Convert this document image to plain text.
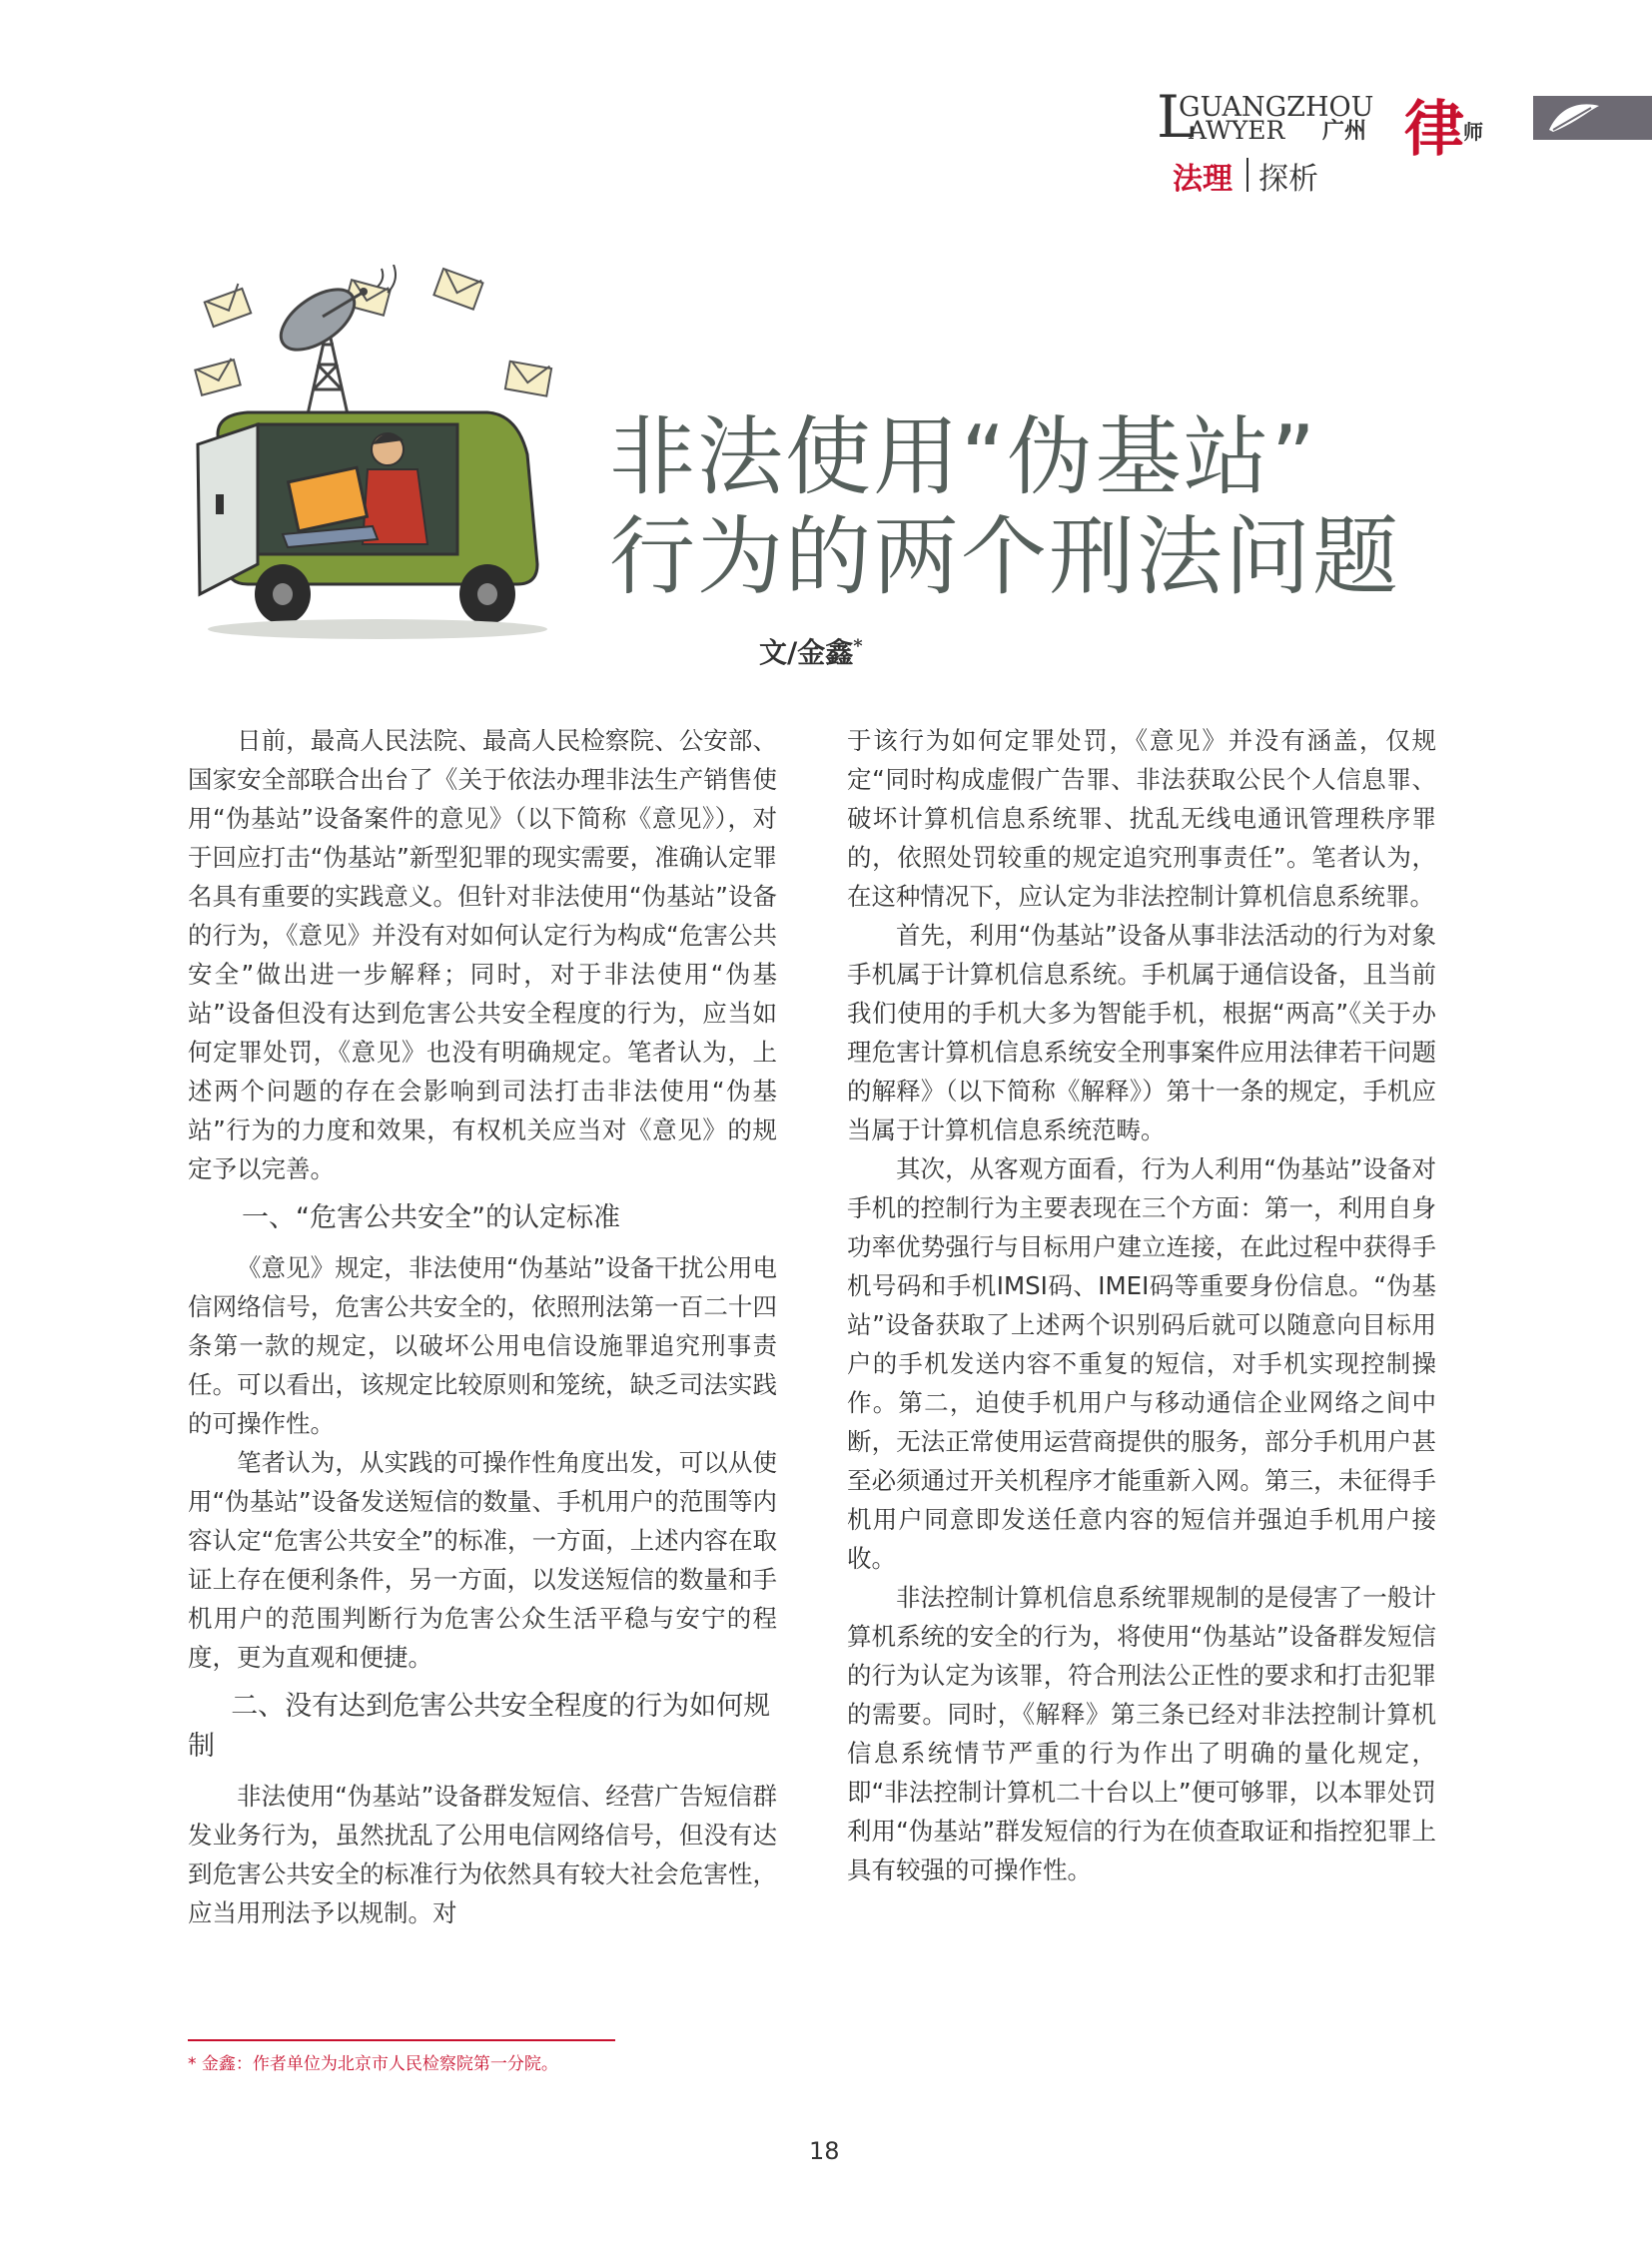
L
GUANGZHOU
AWYER 广州 律 师
法理 探析
非法使用“伪基站”
行为的两个刑法问题
文/金鑫*

日前，最高人民法院、最高人民检察院、公安部、国家安全部联合出台了《关于依法办理非法生产销售使用“伪基站”设备案件的意见》（以下简称《意见》），对于回应打击“伪基站”新型犯罪的现实需要，准确认定罪名具有重要的实践意义。但针对非法使用“伪基站”设备的行为，《意见》并没有对如何认定行为构成“危害公共安全”做出进一步解释；同时，对于非法使用“伪基站”设备但没有达到危害公共安全程度的行为，应当如何定罪处罚，《意见》也没有明确规定。笔者认为，上述两个问题的存在会影响到司法打击非法使用“伪基站”行为的力度和效果，有权机关应当对《意见》的规定予以完善。

一、“危害公共安全”的认定标准

《意见》规定，非法使用“伪基站”设备干扰公用电信网络信号，危害公共安全的，依照刑法第一百二十四条第一款的规定，以破坏公用电信设施罪追究刑事责任。可以看出，该规定比较原则和笼统，缺乏司法实践的可操作性。

笔者认为，从实践的可操作性角度出发，可以从使用“伪基站”设备发送短信的数量、手机用户的范围等内容认定“危害公共安全”的标准，一方面，上述内容在取证上存在便利条件，另一方面，以发送短信的数量和手机用户的范围判断行为危害公众生活平稳与安宁的程度，更为直观和便捷。

二、没有达到危害公共安全程度的行为如何规制

非法使用“伪基站”设备群发短信、经营广告短信群发业务行为，虽然扰乱了公用电信网络信号，但没有达到危害公共安全的标准行为依然具有较大社会危害性，应当用刑法予以规制。对

于该行为如何定罪处罚，《意见》并没有涵盖，仅规定“同时构成虚假广告罪、非法获取公民个人信息罪、破坏计算机信息系统罪、扰乱无线电通讯管理秩序罪的，依照处罚较重的规定追究刑事责任”。笔者认为，在这种情况下，应认定为非法控制计算机信息系统罪。

首先，利用“伪基站”设备从事非法活动的行为对象手机属于计算机信息系统。手机属于通信设备，且当前我们使用的手机大多为智能手机，根据“两高”《关于办理危害计算机信息系统安全刑事案件应用法律若干问题的解释》（以下简称《解释》）第十一条的规定，手机应当属于计算机信息系统范畴。

其次，从客观方面看，行为人利用“伪基站”设备对手机的控制行为主要表现在三个方面：第一，利用自身功率优势强行与目标用户建立连接，在此过程中获得手机号码和手机IMSI码、IMEI码等重要身份信息。“伪基站”设备获取了上述两个识别码后就可以随意向目标用户的手机发送内容不重复的短信，对手机实现控制操作。第二，迫使手机用户与移动通信企业网络之间中断，无法正常使用运营商提供的服务，部分手机用户甚至必须通过开关机程序才能重新入网。第三，未征得手机用户同意即发送任意内容的短信并强迫手机用户接收。

非法控制计算机信息系统罪规制的是侵害了一般计算机系统的安全的行为，将使用“伪基站”设备群发短信的行为认定为该罪，符合刑法公正性的要求和打击犯罪的需要。同时，《解释》第三条已经对非法控制计算机信息系统情节严重的行为作出了明确的量化规定，即“非法控制计算机二十台以上”便可够罪，以本罪处罚利用“伪基站”群发短信的行为在侦查取证和指控犯罪上具有较强的可操作性。

* 金鑫：作者单位为北京市人民检察院第一分院。
18
